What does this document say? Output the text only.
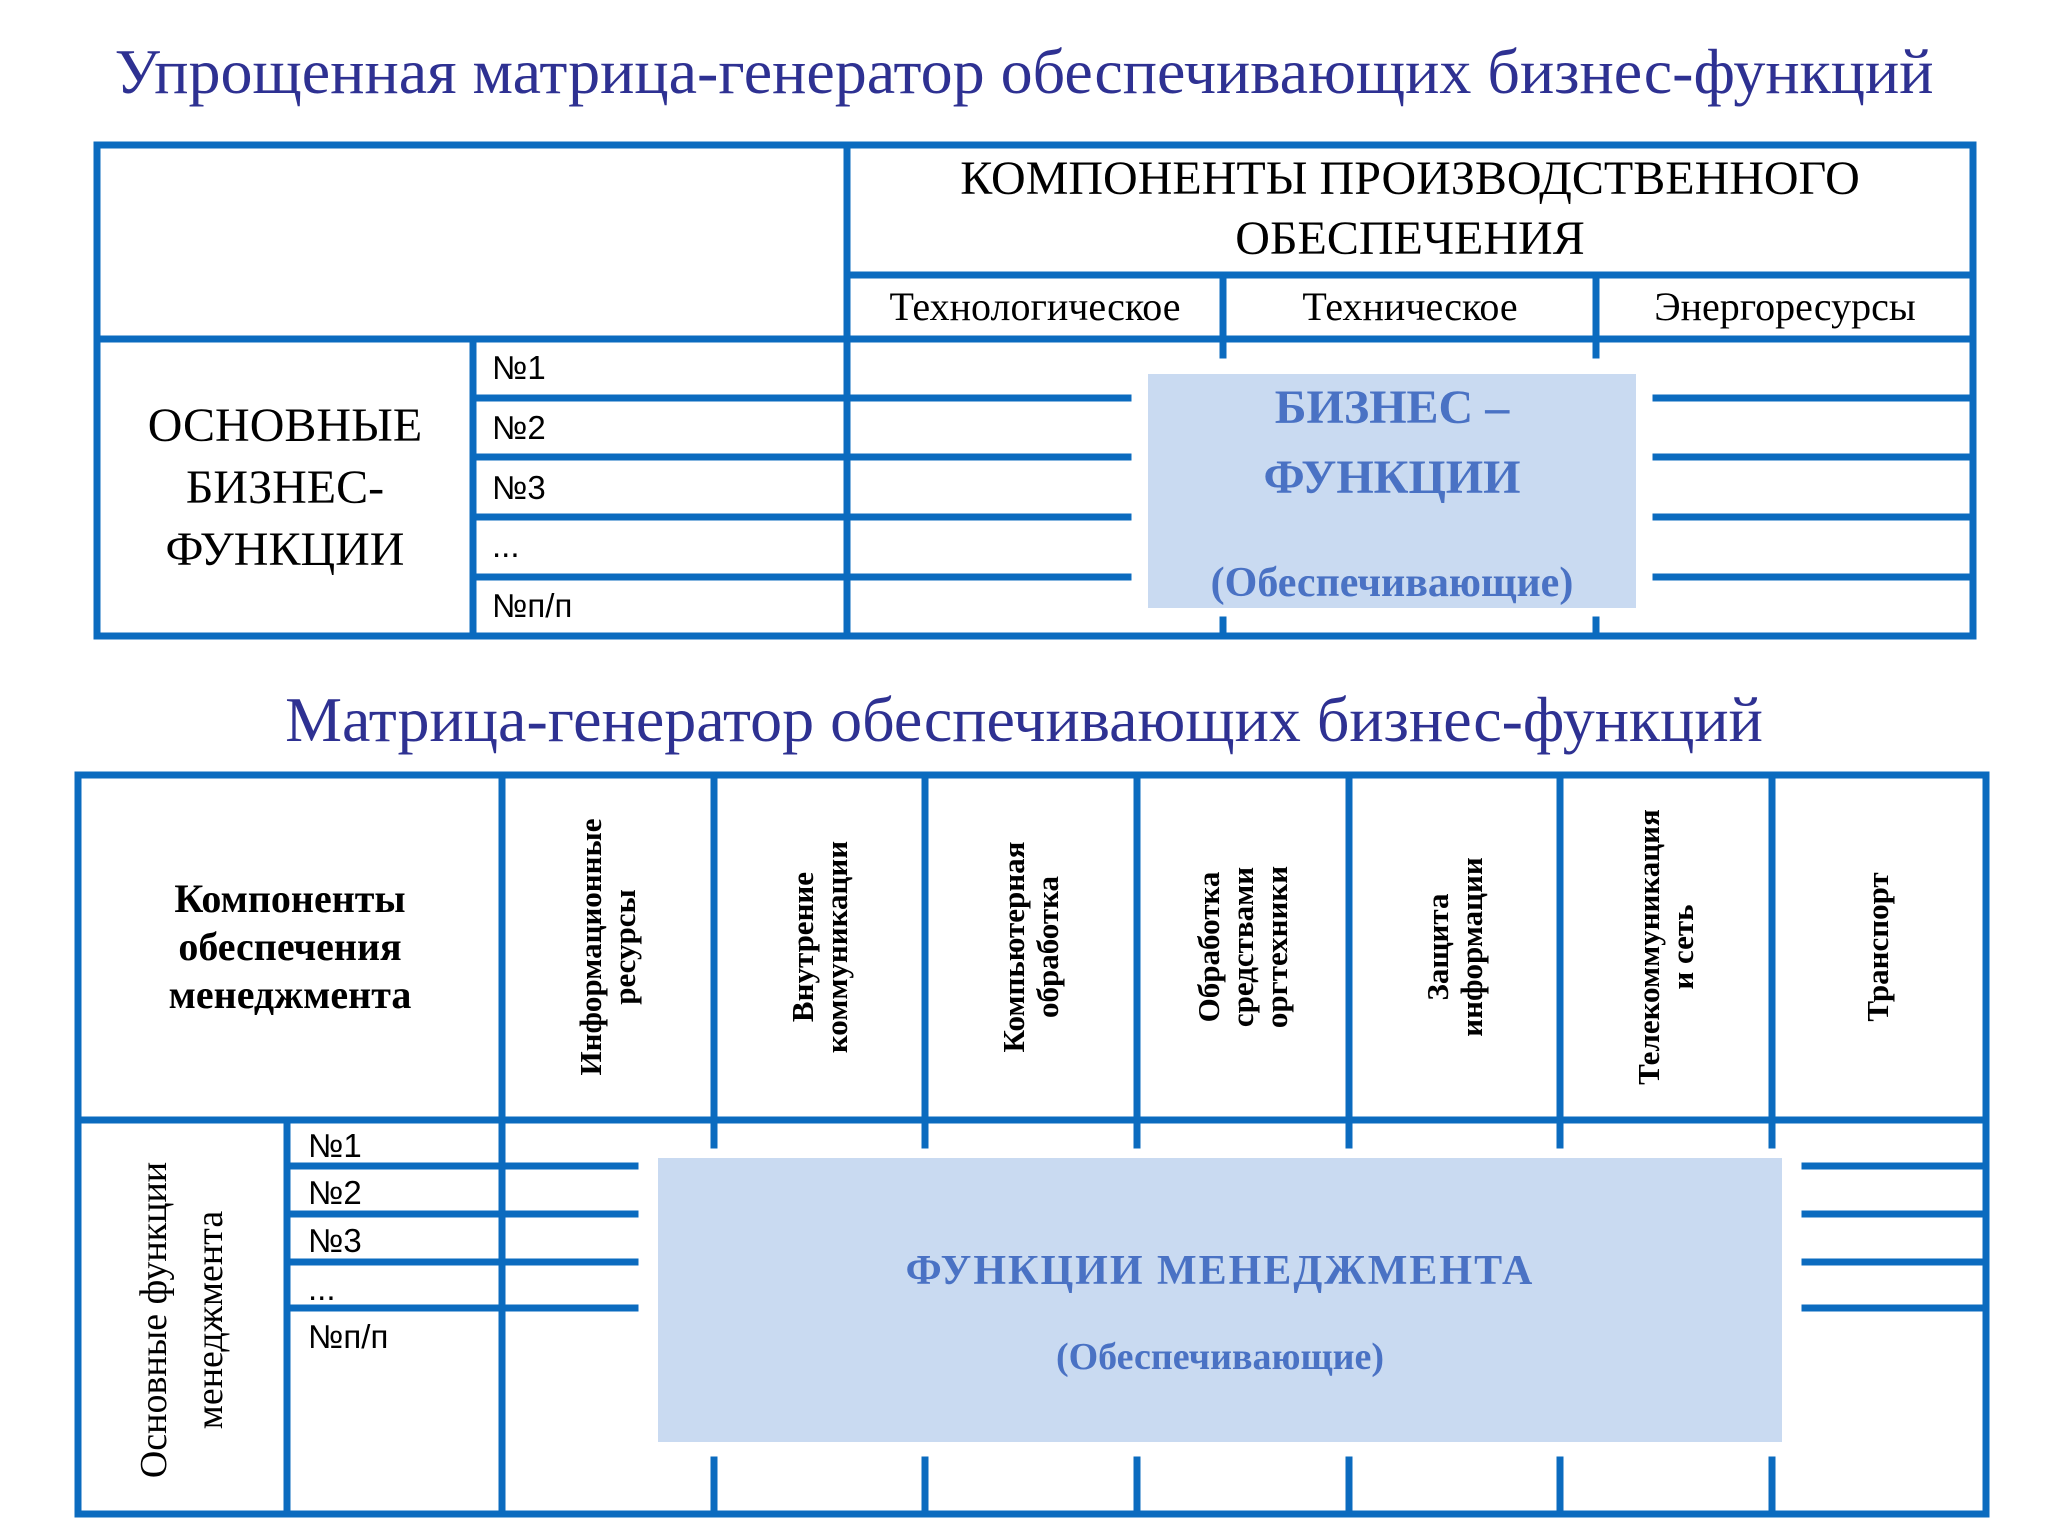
Упрощенная матрица-генератор обеспечивающих бизнес-функций
Матрица-генератор обеспечивающих бизнес-функций
КОМПОНЕНТЫ ПРОИЗВОДСТВЕННОГО
ОБЕСПЕЧЕНИЯ
Технологическое	Техническое	Энергоресурсы
ОСНОВНЫЕ
БИЗНЕС-
ФУНКЦИИ
№1
№2
№3
...
№п/п
БИЗНЕС –
ФУНКЦИИ
(Обеспечивающие)
Компоненты
обеспечения
менеджмента	Информационные ресурсы	Внутрение коммуникации	Компьютерная обработка	Обработка средствами оргтехники	Защита информации	Телекоммуникация и сеть	Транспорт
Основные функции менеджмента
№1
№2
№3
...
№п/п
ФУНКЦИИ МЕНЕДЖМЕНТА
(Обеспечивающие)
